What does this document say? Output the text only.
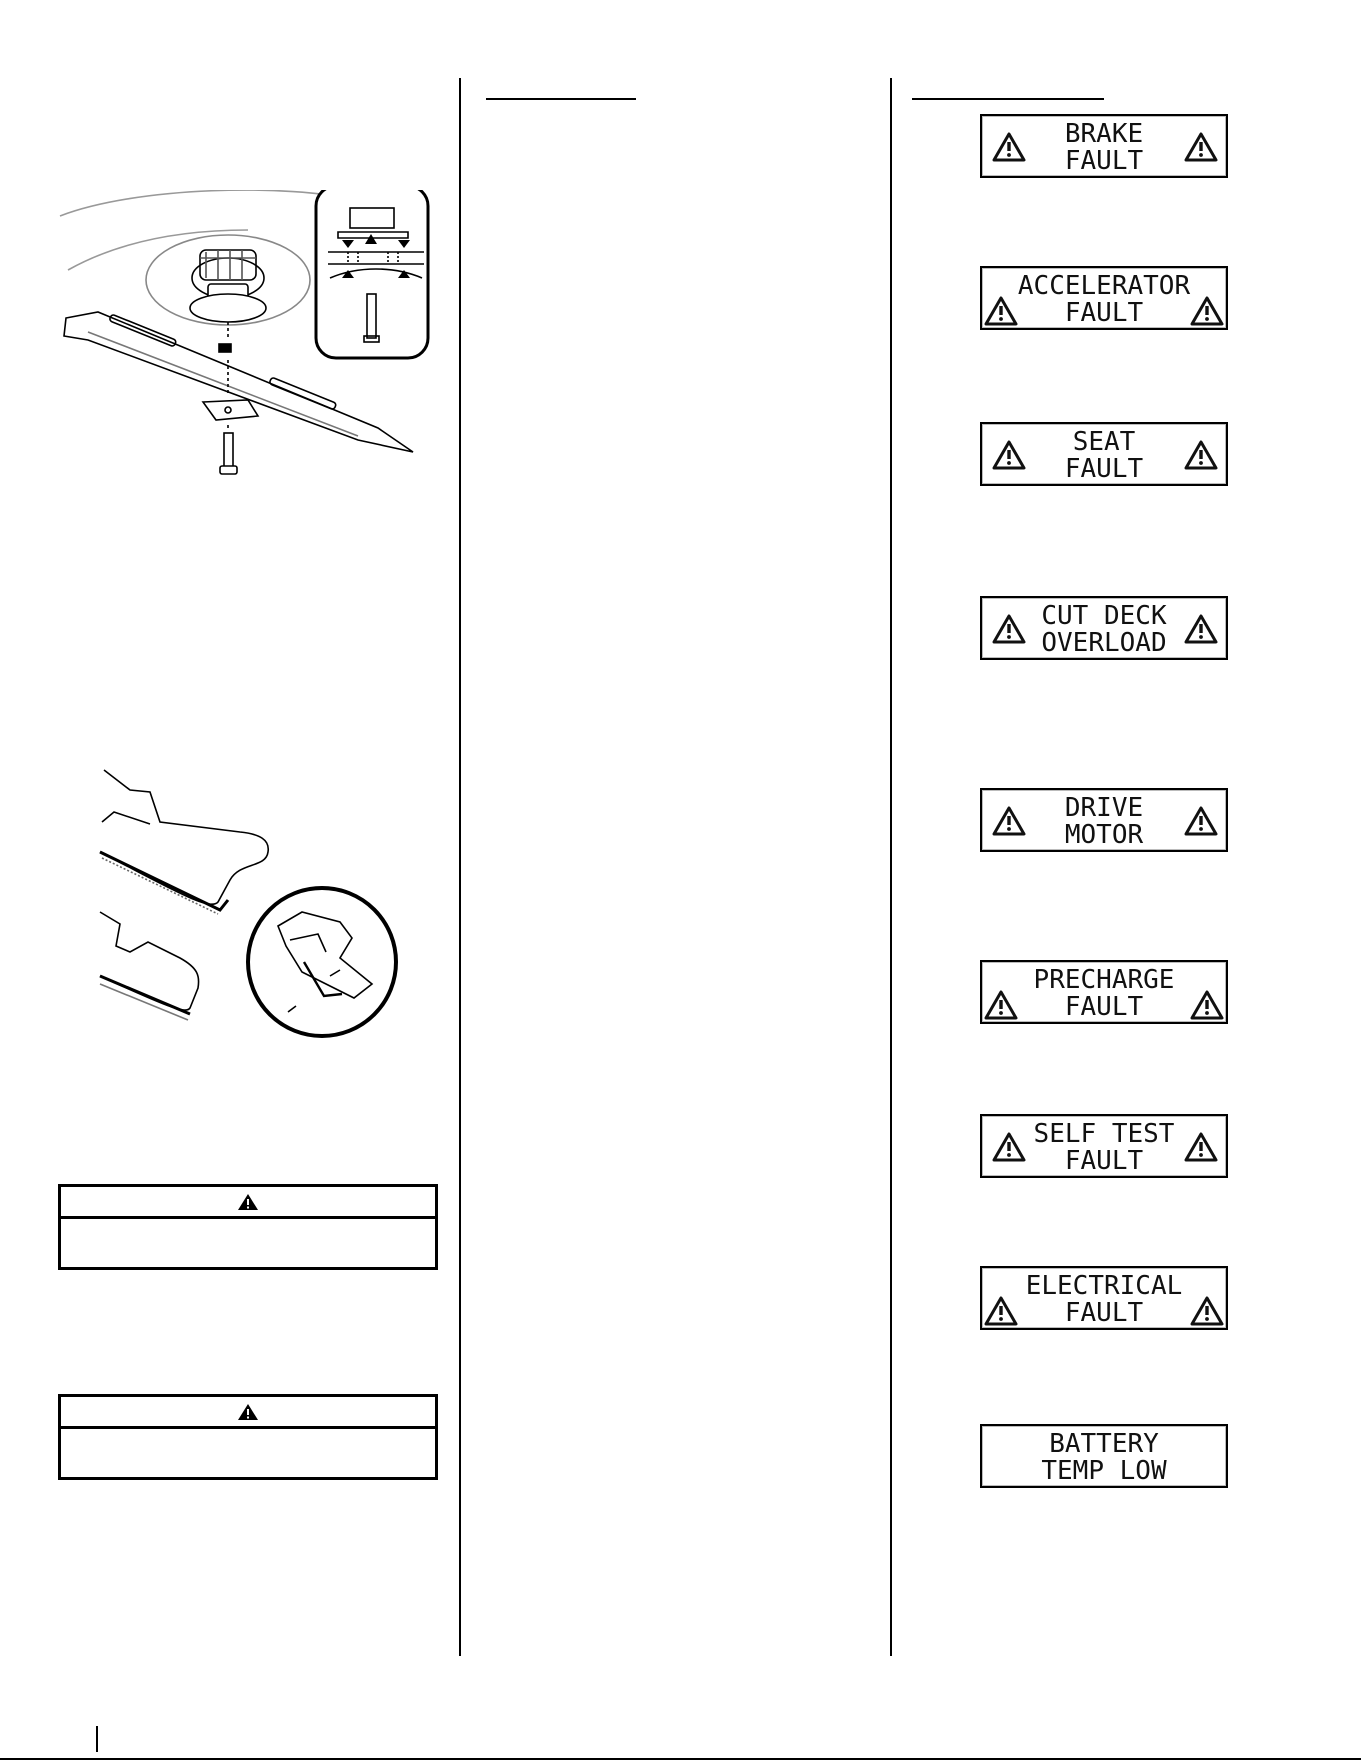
BRAKE
FAULT
ACCELERATOR
FAULT
SEAT
FAULT
CUT DECK
OVERLOAD
DRIVE
MOTOR
PRECHARGE
FAULT
SELF TEST
FAULT
ELECTRICAL
FAULT
BATTERY
TEMP LOW
